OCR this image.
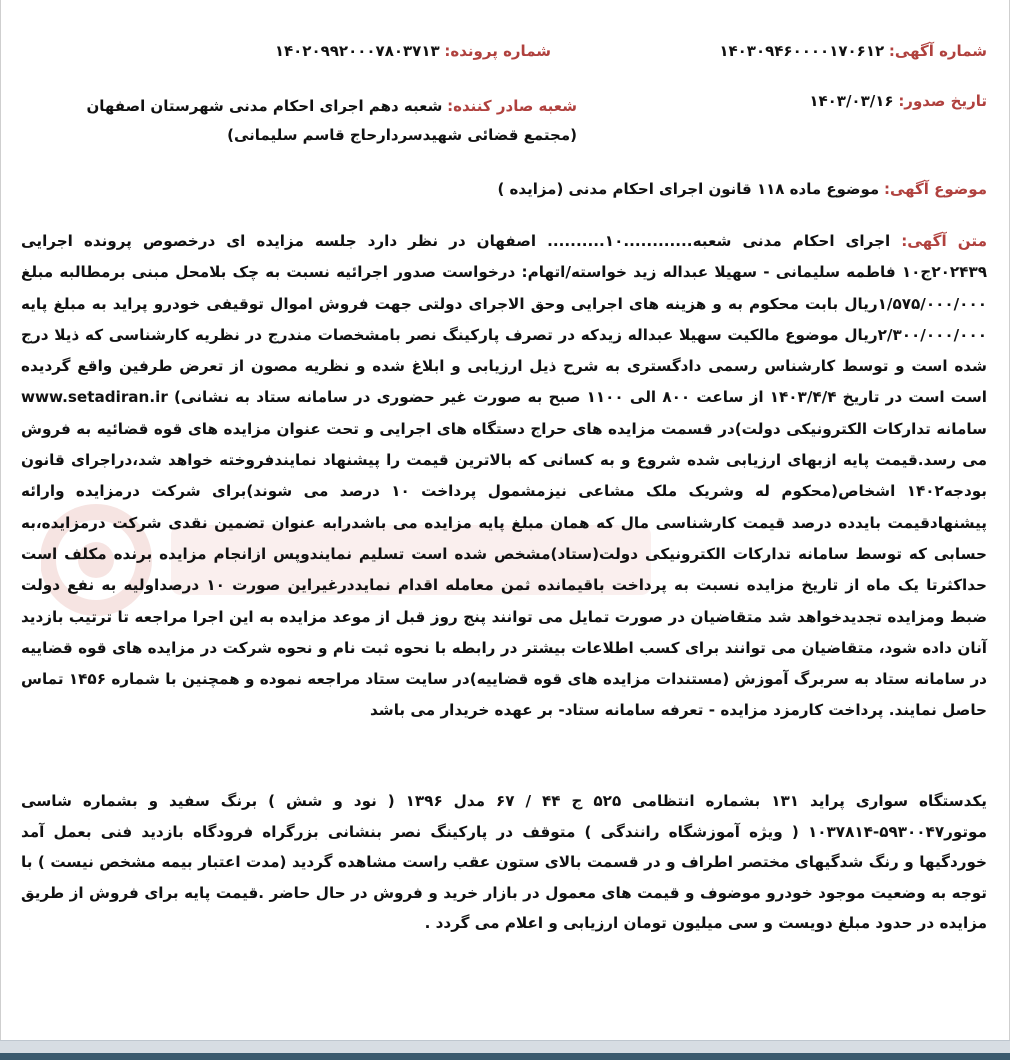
شماره آگهی: ۱۴۰۳۰۹۴۶۰۰۰۰۱۷۰۶۱۲
شماره پرونده: ۱۴۰۲۰۹۹۲۰۰۰۷۸۰۳۷۱۳
تاریخ صدور: ۱۴۰۳/۰۳/۱۶
شعبه صادر کننده: شعبه دهم اجرای احکام مدنی شهرستان اصفهان (مجتمع قضائی شهیدسردارحاج قاسم سلیمانی)
موضوع آگهی: موضوع ماده ۱۱۸ قانون اجرای احکام مدنی (مزایده )

متن آگهی: اجرای احکام مدنی شعبه............۱۰.......... اصفهان در نظر دارد جلسه مزایده ای درخصوص پرونده اجرایی ۲۰۲۴۳۹ج۱۰ فاطمه سلیمانی - سهیلا عبداله زید خواسته/اتهام: درخواست صدور اجرائیه نسبت به چک بلامحل مبنی برمطالبه مبلغ ۱/۵۷۵/۰۰۰/۰۰۰ریال بابت محکوم به و هزینه های اجرایی وحق الاجرای دولتی جهت فروش اموال توقیفی خودرو پراید به مبلغ پایه ۲/۳۰۰/۰۰۰/۰۰۰ریال موضوع مالکیت سهیلا عبداله زیدکه در تصرف پارکینگ نصر بامشخصات مندرج در نظریه کارشناسی که ذیلا درج شده است و توسط کارشناس رسمی دادگستری به شرح ذیل ارزیابی و ابلاغ شده و نظریه مصون از تعرض طرفین واقع گردیده است است در تاریخ ۱۴۰۳/۴/۴ از ساعت ۸۰۰ الی ۱۱۰۰ صبح به صورت غیر حضوری در سامانه ستاد به نشانی) www.setadiran.ir سامانه تدارکات الکترونیکی دولت)در قسمت مزایده های حراج دستگاه های اجرایی و تحت عنوان مزایده های قوه قضائیه به فروش می رسد.قیمت پایه ازبهای ارزیابی شده شروع و به کسانی که بالاترین قیمت را پیشنهاد نمایندفروخته خواهد شد،دراجرای قانون بودجه۱۴۰۲ اشخاص(محکوم له وشریک ملک مشاعی نیزمشمول پرداخت ۱۰ درصد می شوند)برای شرکت درمزایده وارائه پیشنهادقیمت بایدده درصد قیمت کارشناسی مال که همان مبلغ پایه مزایده می باشدرابه عنوان تضمین نقدی شرکت درمزایده،به حسابی که توسط سامانه تدارکات الکترونیکی دولت(ستاد)مشخص شده است تسلیم نمایندوپس ازانجام مزایده برنده مکلف است حداکثرتا یک ماه از تاریخ مزایده نسبت به پرداخت باقیمانده ثمن معامله اقدام نمایددرغیراین صورت ۱۰ درصداولیه به نفع دولت ضبط ومزایده تجدیدخواهد شد متقاضیان در صورت تمایل می توانند پنج روز قبل از موعد مزایده به این اجرا مراجعه تا ترتیب بازدید آنان داده شود، متقاضیان می توانند برای کسب اطلاعات بیشتر در رابطه با نحوه ثبت نام و نحوه شرکت در مزایده های قوه قضاییه در سامانه ستاد به سربرگ آموزش (مستندات مزایده های قوه قضاییه)در سایت ستاد مراجعه نموده و همچنین با شماره ۱۴۵۶ تماس حاصل نمایند. پرداخت کارمزد مزایده - تعرفه سامانه ستاد- بر عهده خریدار می باشد

یکدستگاه سواری پراید ۱۳۱ بشماره انتظامی ۵۲۵ ج ۴۴ / ۶۷ مدل ۱۳۹۶ ( نود و شش ) برنگ سفید و بشماره شاسی موتور۵۹۳۰۰۴۷-۱۰۳۷۸۱۴ ( ویژه آموزشگاه رانندگی ) متوقف در پارکینگ نصر بنشانی بزرگراه فرودگاه بازدید فنی بعمل آمد خوردگیها و رنگ شدگیهای مختصر اطراف و در قسمت بالای ستون عقب راست مشاهده گردید (مدت اعتبار بیمه مشخص نیست ) با توجه به وضعیت موجود خودرو موضوف و قیمت های معمول در بازار خرید و فروش در حال حاضر .قیمت پایه برای فروش از طریق مزایده در حدود مبلغ دویست و سی میلیون تومان ارزیابی و اعلام می گردد .
